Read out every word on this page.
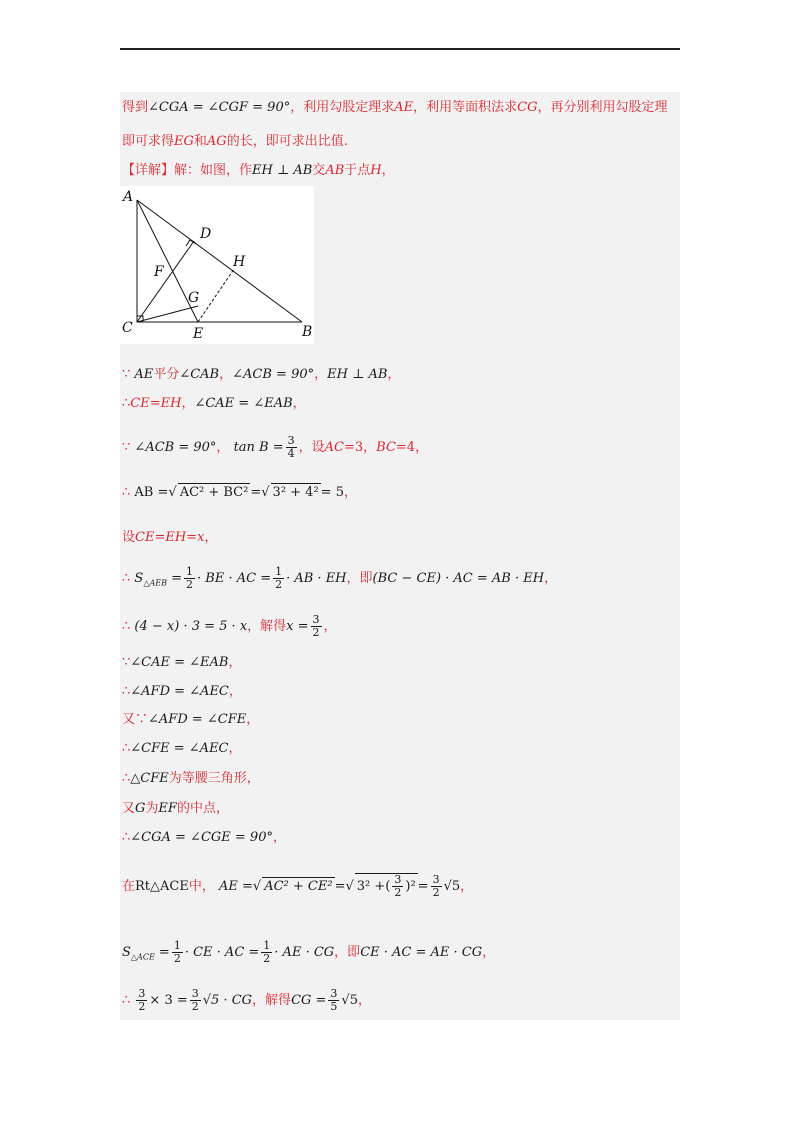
得到∠CGA = ∠CGF = 90°，利用勾股定理求AE，利用等面积法求CG，再分别利用勾股定理
即可求得EG和AG的长，即可求出比值.
【详解】解：如图，作EH ⊥ AB交AB于点H，
A
D
H
F
G
C	E	B
∵ AE平分∠CAB，∠ACB = 90°，EH ⊥ AB，
∴CE=EH，∠CAE = ∠EAB，
∵ ∠ACB = 90°， $\tan B = \frac{3}{4}$ ，设AC=3，BC=4，
∴ AB =√ AC² + BC² =√ 3² + 4² = 5，
设CE=EH=x，
∴ $S_{\triangle AEB} = \frac{1}{2}$ · BE · AC = $\frac{1}{2}$ · AB · EH，即(BC − CE) · AC = AB · EH，
∴ (4 − x) · 3 = 5 · x，解得$x = \frac{3}{2}$ ，
∵∠CAE = ∠EAB，
∴∠AFD = ∠AEC，
又∵∠AFD = ∠CFE，
∴∠CFE = ∠AEC，
∴△CFE为等腰三角形，
又G为EF的中点，
∴∠CGA = ∠CGE = 90°，
在Rt△ACE中， AE =√ AC² + CE² =√ 3² +( $\frac{3}{2} )^2 = \frac{3}{2} √5$，
$S_{\triangle ACE} = \frac{1}{2}$ · CE · AC = $\frac{1}{2}$ · AE · CG，即CE · AC = AE · CG，
∴ $\frac{3}{2} \times 3 = \frac{3}{2} √5$ · CG，解得CG = $\frac{3}{5} √5$，
